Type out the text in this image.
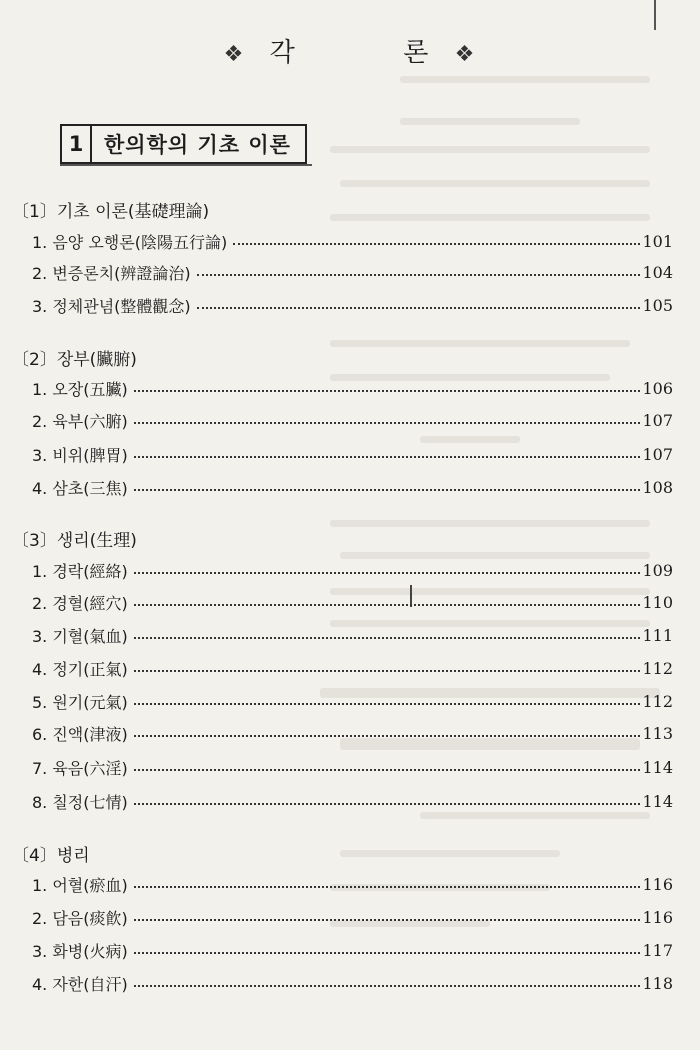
❖ 각	론 ❖
1 한의학의 기초 이론
〔1〕기초 이론(基礎理論)
1. 음양 오행론(陰陽五行論)	101
2. 변증론치(辨證論治)	104
3. 정체관념(整體觀念)	105
〔2〕장부(臟腑)
1. 오장(五臟)	106
2. 육부(六腑)	107
3. 비위(脾胃)	107
4. 삼초(三焦)	108
〔3〕생리(生理)
1. 경락(經絡)	109
2. 경혈(經穴)	110
3. 기혈(氣血)	111
4. 정기(正氣)	112
5. 원기(元氣)	112
6. 진액(津液)	113
7. 육음(六淫)	114
8. 칠정(七情)	114
〔4〕병리
1. 어혈(瘀血)	116
2. 담음(痰飮)	116
3. 화병(火病)	117
4. 자한(自汗)	118
